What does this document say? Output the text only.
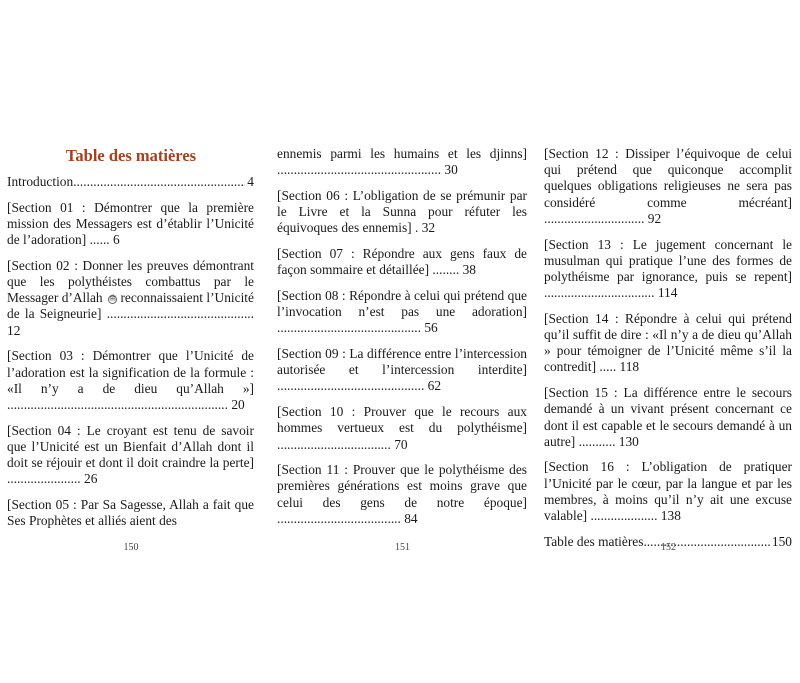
Table des matières
Introduction .....	4
[Section 01 : Démontrer que la première mission des Messagers est d’établir l’Unicité de l’adoration] ...... 6
[Section 02 : Donner les preuves démontrant que les polythéistes combattus par le Messager d’Allah ﷺ reconnaissaient l’Unicité de la Seigneurie] ............................................ 12
[Section 03 : Démontrer que l’Unicité de l’adoration est la signification de la formule : «Il n’y a de dieu qu’Allah »] .................................................................. 20
[Section 04 : Le croyant est tenu de savoir que l’Unicité est un Bienfait d’Allah dont il doit se réjouir et dont il doit craindre la perte] ...................... 26
[Section 05 : Par Sa Sagesse, Allah a fait que Ses Prophètes et alliés aient des
150
ennemis parmi les humains et les djinns] ................................................. 30
[Section 06 : L’obligation de se prémunir par le Livre et la Sunna pour réfuter les équivoques des ennemis] . 32
[Section 07 : Répondre aux gens faux de façon sommaire et détaillée] ........ 38
[Section 08 : Répondre à celui qui prétend que l’invocation n’est pas une adoration] ........................................... 56
[Section 09 : La différence entre l’intercession autorisée et l’intercession interdite] ............................................ 62
[Section 10 : Prouver que le recours aux hommes vertueux est du polythéisme] .................................. 70
[Section 11 : Prouver que le polythéisme des premières générations est moins grave que celui des gens de notre époque] ..................................... 84
151
[Section 12 : Dissiper l’équivoque de celui qui prétend que quiconque accomplit quelques obligations religieuses ne sera pas considéré comme mécréant] .............................. 92
[Section 13 : Le jugement concernant le musulman qui pratique l’une des formes de polythéisme par ignorance, puis se repent] ................................. 114
[Section 14 : Répondre à celui qui prétend qu’il suffit de dire : «Il n’y a de dieu qu’Allah » pour témoigner de l’Unicité même s’il la contredit] ..... 118
[Section 15 : La différence entre le secours demandé à un vivant présent concernant ce dont il est capable et le secours demandé à un autre] ........... 130
[Section 16 : L’obligation de pratiquer l’Unicité par le cœur, par la langue et par les membres, à moins qu’il n’y ait une excuse valable] .................... 138
Table des matières .....	150
152
